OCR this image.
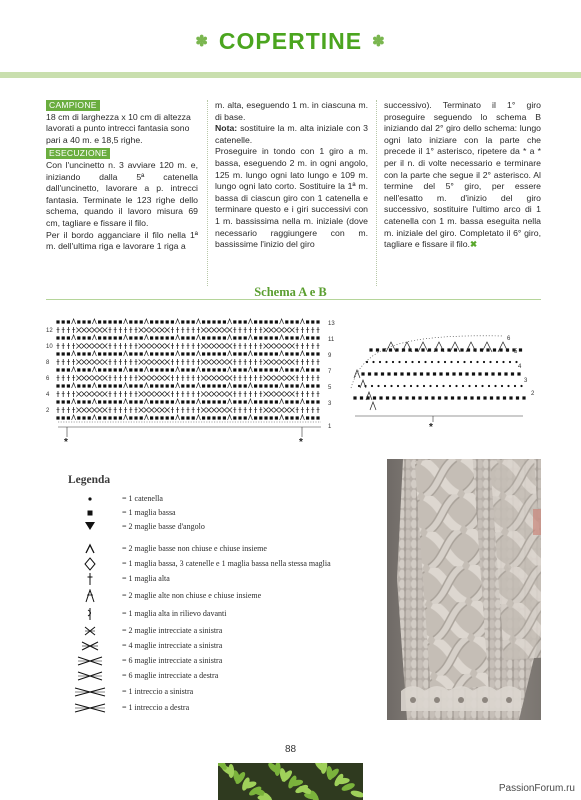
✽ COPERTINE ✽
CAMPIONE

18 cm di larghezza x 10 cm di altezza lavorati a punto intrecci fantasia sono pari a 40 m. e 18,5 righe.

ESECUZIONE

Con l'uncinetto n. 3 avviare 120 m. e, iniziando dalla 5ª catenella dall'uncinetto, lavorare a p. intrecci fantasia. Terminate le 123 righe dello schema, quando il lavoro misura 69 cm, tagliare e fissare il filo.

Per il bordo agganciare il filo nella 1ª m. dell'ultima riga e lavorare 1 riga a

m. alta, eseguendo 1 m. in ciascuna m. di base.

Nota: sostituire la m. alta iniziale con 3 catenelle.

Proseguire in tondo con 1 giro a m. bassa, eseguendo 2 m. in ogni angolo, 125 m. lungo ogni lato lungo e 109 m. lungo ogni lato corto. Sostituire la 1ª m. bassa di ciascun giro con 1 catenella e terminare questo e i giri successivi con 1 m. bassissima nella m. iniziale (dove necessario raggiungere con m. bassissime l'inizio del giro

successivo). Terminato il 1° giro proseguire seguendo lo schema B iniziando dal 2° giro dello schema: lungo ogni lato iniziare con la parte che precede il 1° asterisco, ripetere da * a * per il n. di volte necessario e terminare con la parte che segue il 2° asterisco. Al termine del 5° giro, per essere nell'esatto m. d'inizio del giro successivo, sostituire l'ultimo arco di 1 catenella con 1 m. bassa eseguita nella m. iniziale del giro. Completato il 6° giro, tagliare e fissare il filo.✖

Schema A e B
12
10
8
6
4
2
13
11
9
7
5
3
1
*	*
6
5
4
3
2
*
Legenda
= 1 catenella
= 1 maglia bassa
= 2 maglie basse d'angolo
= 2 maglie basse non chiuse e chiuse insieme
= 1 maglia bassa, 3 catenelle e 1 maglia bassa nella stessa maglia
= 1 maglia alta
= 2 maglie alte non chiuse e chiuse insieme
= 1 maglia alta in rilievo davanti
= 2 maglie intrecciate a sinistra
= 4 maglie intrecciate a sinistra
= 6 maglie intrecciate a sinistra
= 6 maglie intrecciate a destra
= 1 intreccio a sinistra
= 1 intreccio a destra
88
PassionForum.ru
